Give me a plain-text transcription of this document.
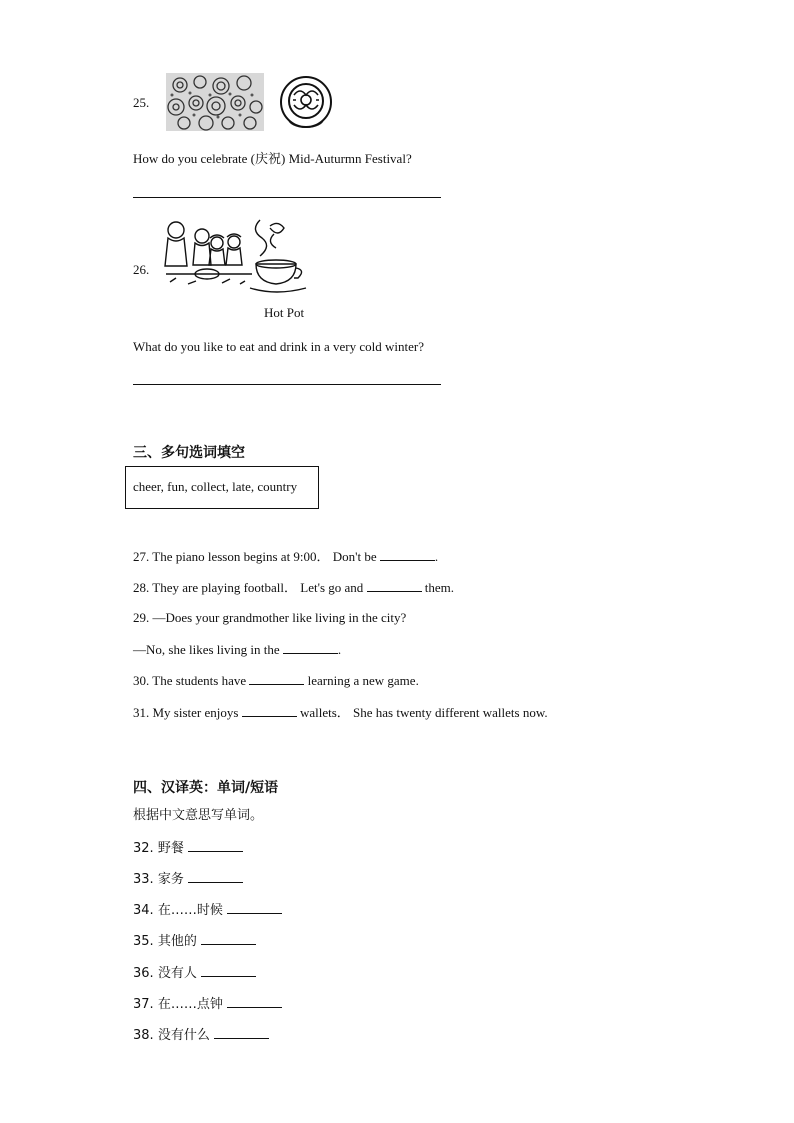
25.
How do you celebrate (庆祝) Mid-Auturmn Festival?
26.
Hot Pot
What do you like to eat and drink in a very cold winter?
三、多句选词填空
cheer, fun, collect, late, country
27. The piano lesson begins at 9:00． Don't be	.
28. They are playing football． Let's go and	them.
29. —Does your grandmother like living in the city?
—No, she likes living in the	.
30. The students have	learning a new game.
31. My sister enjoys	wallets． She has twenty different wallets now.
四、汉译英：单词/短语
根据中文意思写单词。
32. 野餐
33. 家务
34. 在……时候
35. 其他的
36. 没有人
37. 在……点钟
38. 没有什么
